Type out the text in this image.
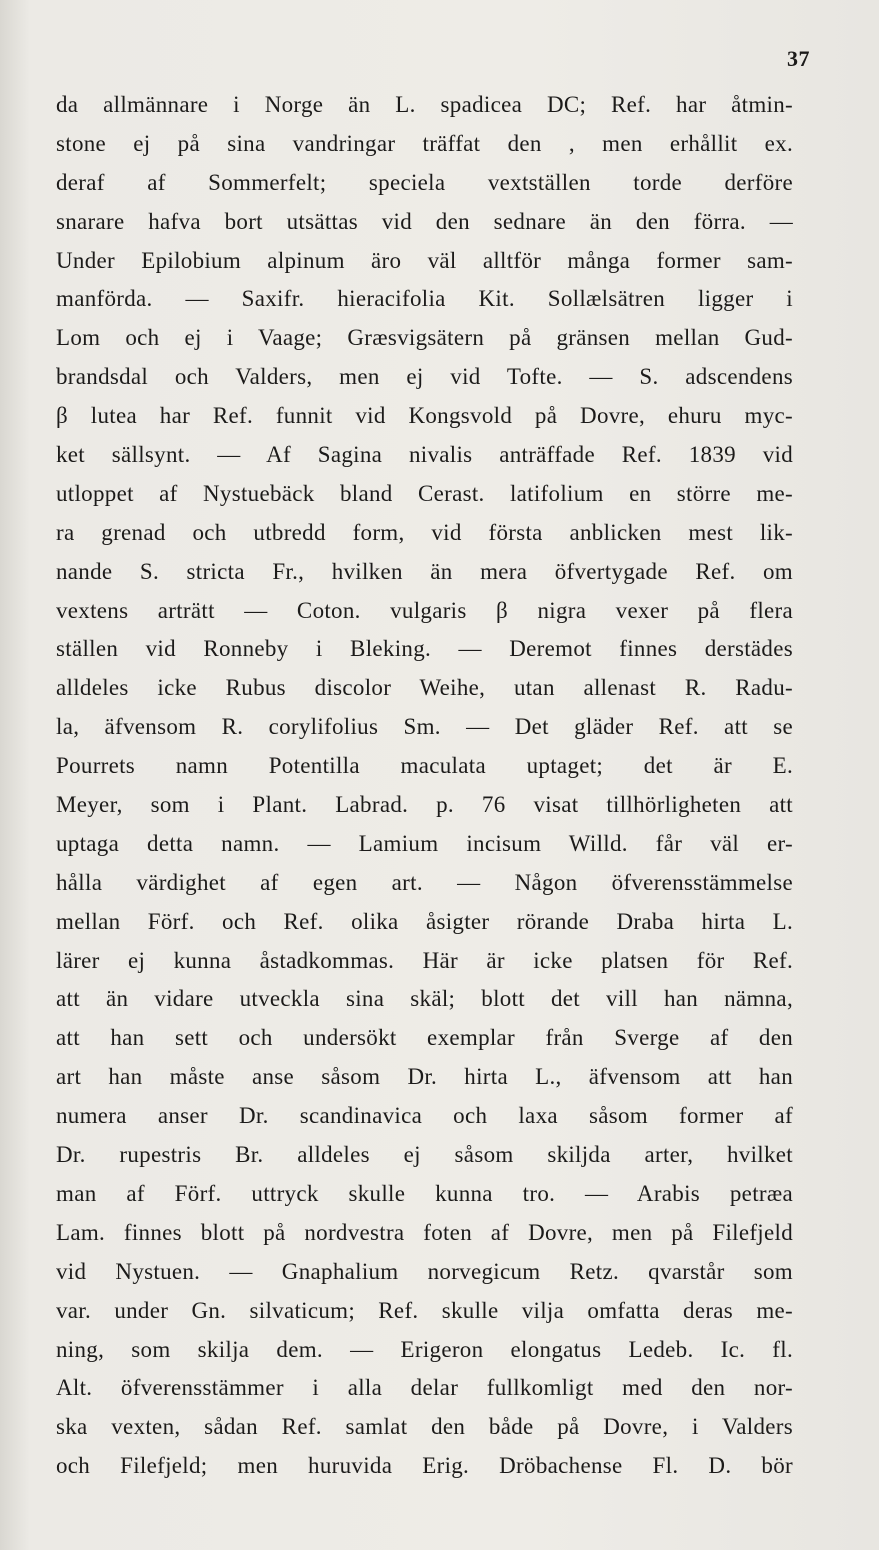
37
da allmännare i Norge än L. spadicea DC; Ref. har åtmin-
stone ej på sina vandringar träffat den , men erhållit ex.
deraf af Sommerfelt; speciela vextställen torde derföre
snarare hafva bort utsättas vid den sednare än den förra. —
Under Epilobium alpinum äro väl alltför många former sam-
manförda. — Saxifr. hieracifolia Kit. Sollælsätren ligger i
Lom och ej i Vaage; Græsvigsätern på gränsen mellan Gud-
brandsdal och Valders, men ej vid Tofte. — S. adscendens
β lutea har Ref. funnit vid Kongsvold på Dovre, ehuru myc-
ket sällsynt. — Af Sagina nivalis anträffade Ref. 1839 vid
utloppet af Nystuebäck bland Cerast. latifolium en större me-
ra grenad och utbredd form, vid första anblicken mest lik-
nande S. stricta Fr., hvilken än mera öfvertygade Ref. om
vextens arträtt — Coton. vulgaris β nigra vexer på flera
ställen vid Ronneby i Bleking. — Deremot finnes derstädes
alldeles icke Rubus discolor Weihe, utan allenast R. Radu-
la, äfvensom R. corylifolius Sm. — Det gläder Ref. att se
Pourrets namn Potentilla maculata uptaget; det är E.
Meyer, som i Plant. Labrad. p. 76 visat tillhörligheten att
uptaga detta namn. — Lamium incisum Willd. får väl er-
hålla värdighet af egen art. — Någon öfverensstämmelse
mellan Förf. och Ref. olika åsigter rörande Draba hirta L.
lärer ej kunna åstadkommas. Här är icke platsen för Ref.
att än vidare utveckla sina skäl; blott det vill han nämna,
att han sett och undersökt exemplar från Sverge af den
art han måste anse såsom Dr. hirta L., äfvensom att han
numera anser Dr. scandinavica och laxa såsom former af
Dr. rupestris Br. alldeles ej såsom skiljda arter, hvilket
man af Förf. uttryck skulle kunna tro. — Arabis petræa
Lam. finnes blott på nordvestra foten af Dovre, men på Filefjeld
vid Nystuen. — Gnaphalium norvegicum Retz. qvarstår som
var. under Gn. silvaticum; Ref. skulle vilja omfatta deras me-
ning, som skilja dem. — Erigeron elongatus Ledeb. Ic. fl.
Alt. öfverensstämmer i alla delar fullkomligt med den nor-
ska vexten, sådan Ref. samlat den både på Dovre, i Valders
och Filefjeld; men huruvida Erig. Dröbachense Fl. D. bör
